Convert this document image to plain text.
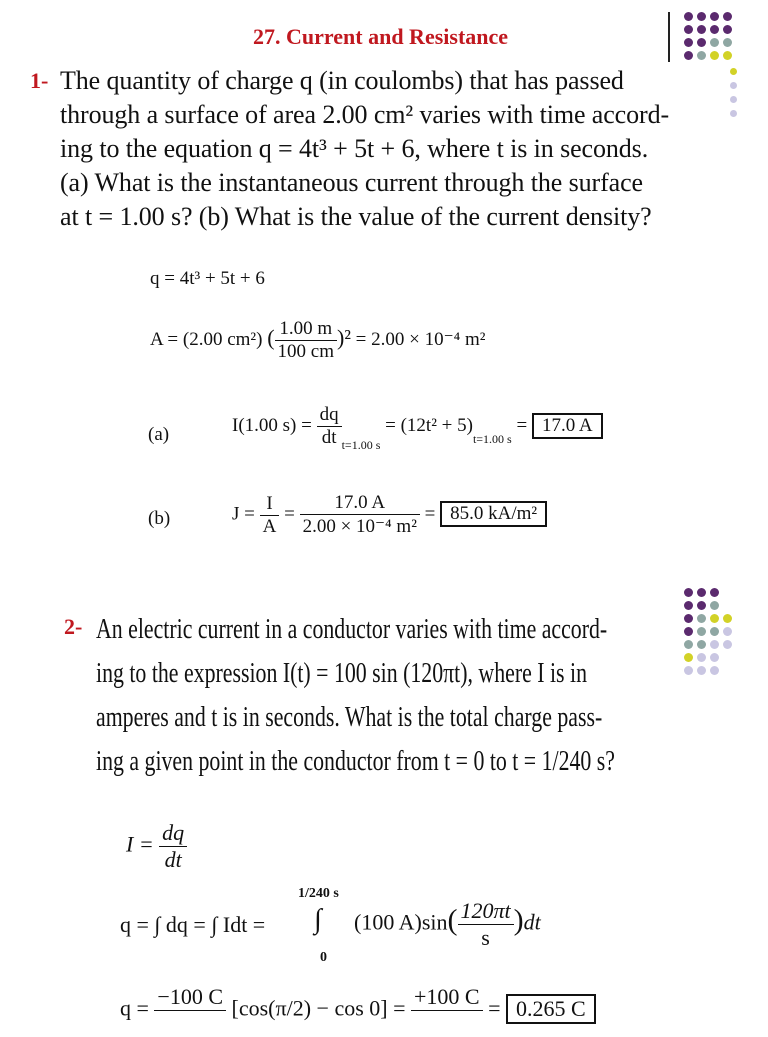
27. Current and Resistance
1- The quantity of charge q (in coulombs) that has passed

through a surface of area 2.00 cm² varies with time accord-

ing to the equation q = 4t³ + 5t + 6, where t is in seconds.

(a) What is the instantaneous current through the surface

at t = 1.00 s? (b) What is the value of the current density?

q = 4t³ + 5t + 6
A = (2.00 cm²) ( $\frac{1.00 m}{100 cm} )^2 = 2.00 \times 10^{-4}$ m²
(a)	I(1.00 $s) = \frac{dq}{dt} _{t=1.00 s} = (12t^2 + 5)_{t=1.00 s} = 17.0$ A
(b)	$J = \frac{I}{A} = \frac{17.0 A}{\text{2.00 × 10⁻⁴ m²}} = 85.0$ kA/m²
2- An electric current in a conductor varies with time accord-

ing to the expression I(t) = 100 sin (120πt), where I is in

amperes and t is in seconds. What is the total charge pass-

ing a given point in the conductor from t = 0 to t = 1/240 s?

$I = \frac{dq}{dt}$
q = ∫ dq = ∫ Idt =
1/240 s
∫
0
(100 $A)\sin( \frac{120\pi t}{s} )dt$
q = −100 C
[cos(π/2) − cos 0] = +100 C
= 0.265 C
